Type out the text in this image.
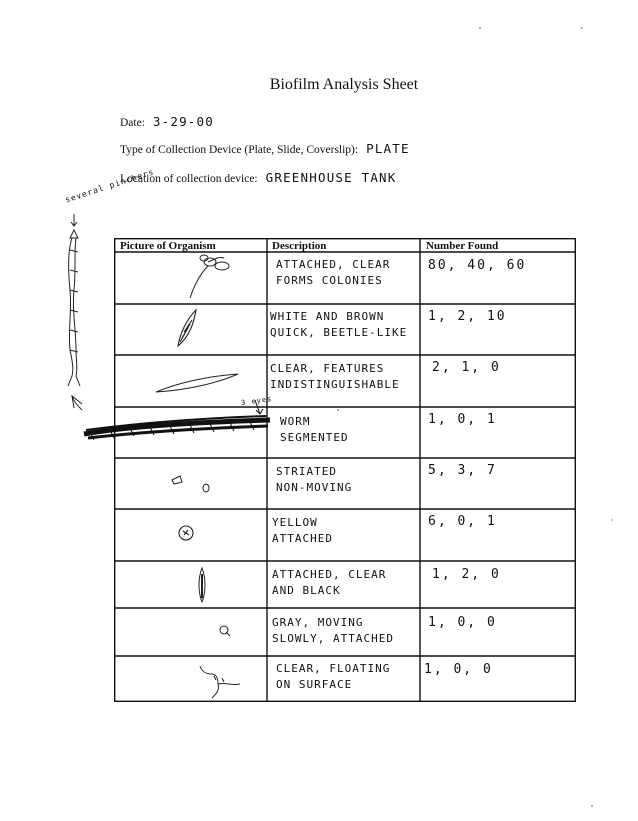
Biofilm Analysis Sheet
Date: 3-29-00
Type of Collection Device (Plate, Slide, Coverslip): PLATE
Location of collection device: GREENHOUSE TANK
Picture of Organism	Description	Number Found
ATTACHED, CLEAR
FORMS COLONIES
80, 40, 60
WHITE AND BROWN
QUICK, BEETLE-LIKE
1, 2, 10
CLEAR, FEATURES
INDISTINGUISHABLE
2, 1, 0
WORM
SEGMENTED
1, 0, 1
3 eyes
STRIATED
NON-MOVING
5, 3, 7
YELLOW
ATTACHED
6, 0, 1
ATTACHED, CLEAR
AND BLACK
1, 2, 0
GRAY, MOVING
SLOWLY, ATTACHED
1, 0, 0
CLEAR, FLOATING
ON SURFACE
1, 0, 0
several pinchers
